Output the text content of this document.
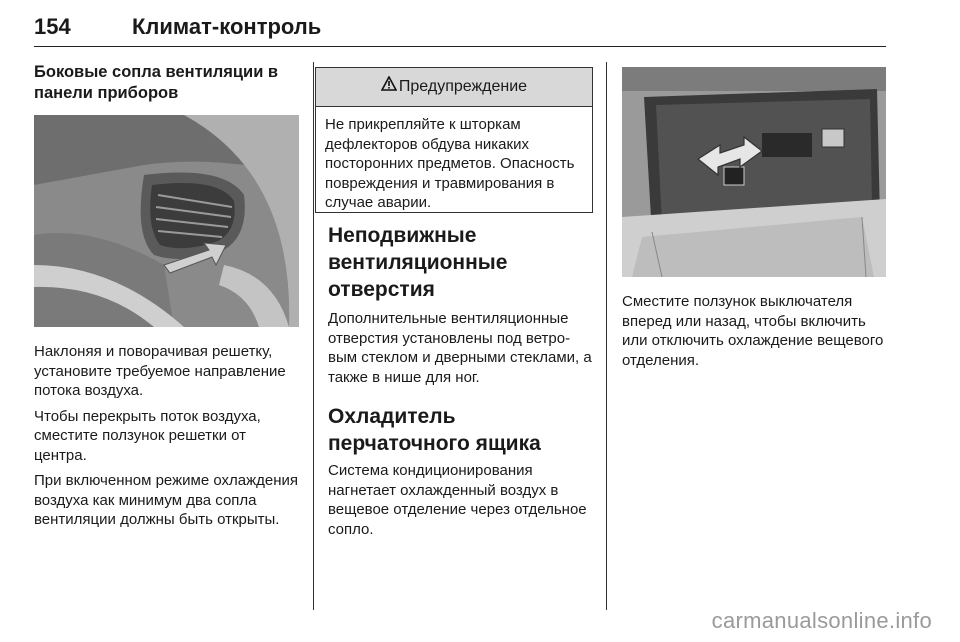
154	Климат-контроль

Боковые сопла вентиляции в панели приборов

Наклоняя и поворачивая решетку, установите требуемое направление потока воздуха.

Чтобы перекрыть поток воздуха, сместите ползунок решетки от центра.

При включенном режиме охлаждения воздуха как минимум два сопла вентиляции должны быть открыты.

Предупреждение
Не прикрепляйте к шторкам дефлекторов обдува никаких посторонних предметов. Опасность повреждения и травмирования в случае аварии.

Неподвижные вентиляционные отверстия

Дополнительные вентиляционные отверстия установлены под ветровым стеклом и дверными стеклами, а также в нише для ног.

Охладитель перчаточного ящика

Система кондиционирования нагнетает охлажденный воздух в вещевое отделение через отдельное сопло.

Сместите ползунок выключателя вперед или назад, чтобы включить или отключить охлаждение вещевого отделения.

carmanualsonline.info
